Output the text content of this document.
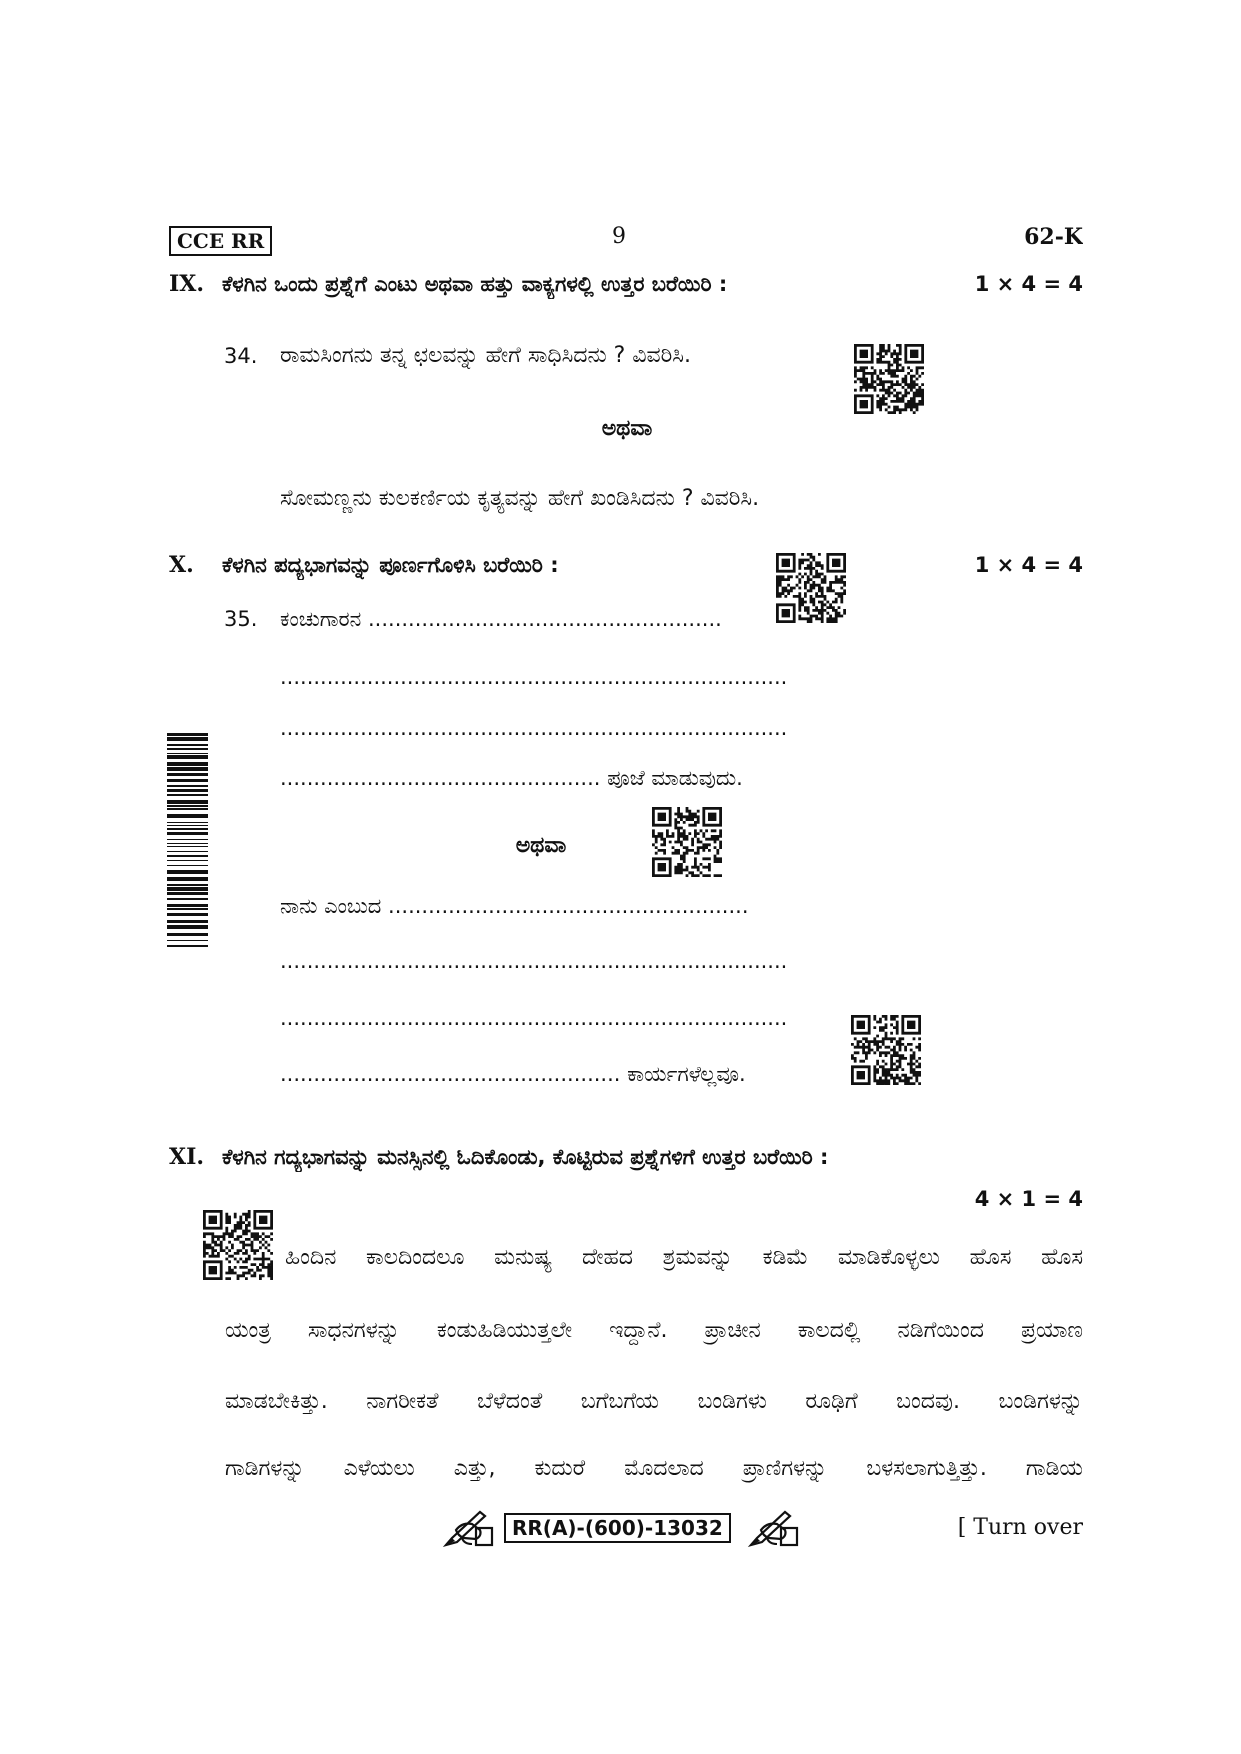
CCE RR	9	62-K
IX. ಕೆಳಗಿನ ಒಂದು ಪ್ರಶ್ನೆಗೆ ಎಂಟು ಅಥವಾ ಹತ್ತು ವಾಕ್ಯಗಳಲ್ಲಿ ಉತ್ತರ ಬರೆಯಿರಿ :	1 × 4 = 4
34. ರಾಮಸಿಂಗನು ತನ್ನ ಛಲವನ್ನು ಹೇಗೆ ಸಾಧಿಸಿದನು ? ವಿವರಿಸಿ.
ಅಥವಾ
ಸೋಮಣ್ಣನು ಕುಲಕರ್ಣಿಯ ಕೃತ್ಯವನ್ನು ಹೇಗೆ ಖಂಡಿಸಿದನು ? ವಿವರಿಸಿ.
X. ಕೆಳಗಿನ ಪದ್ಯಭಾಗವನ್ನು ಪೂರ್ಣಗೊಳಿಸಿ ಬರೆಯಿರಿ :	1 × 4 = 4
35. ಕಂಚುಗಾರನ .....................................................
............................................................................
............................................................................
................................................ ಪೂಜೆ ಮಾಡುವುದು.
ಅಥವಾ
ನಾನು ಎಂಬುದ ......................................................
............................................................................
............................................................................
................................................... ಕಾರ್ಯಗಳೆಲ್ಲವೂ.
XI. ಕೆಳಗಿನ ಗದ್ಯಭಾಗವನ್ನು ಮನಸ್ಸಿನಲ್ಲಿ ಓದಿಕೊಂಡು, ಕೊಟ್ಟಿರುವ ಪ್ರಶ್ನೆಗಳಿಗೆ ಉತ್ತರ ಬರೆಯಿರಿ :
4 × 1 = 4
ಹಿಂದಿನ ಕಾಲದಿಂದಲೂ ಮನುಷ್ಯ ದೇಹದ ಶ್ರಮವನ್ನು ಕಡಿಮೆ ಮಾಡಿಕೊಳ್ಳಲು ಹೊಸ ಹೊಸ
ಯಂತ್ರ ಸಾಧನಗಳನ್ನು ಕಂಡುಹಿಡಿಯುತ್ತಲೇ ಇದ್ದಾನೆ. ಪ್ರಾಚೀನ ಕಾಲದಲ್ಲಿ ನಡಿಗೆಯಿಂದ ಪ್ರಯಾಣ
ಮಾಡಬೇಕಿತ್ತು. ನಾಗರೀಕತೆ ಬೆಳೆದಂತೆ ಬಗೆಬಗೆಯ ಬಂಡಿಗಳು ರೂಢಿಗೆ ಬಂದವು. ಬಂಡಿಗಳನ್ನು
ಗಾಡಿಗಳನ್ನು ಎಳೆಯಲು ಎತ್ತು, ಕುದುರೆ ಮೊದಲಾದ ಪ್ರಾಣಿಗಳನ್ನು ಬಳಸಲಾಗುತ್ತಿತ್ತು. ಗಾಡಿಯ
RR(A)-(600)-13032	[ Turn over
